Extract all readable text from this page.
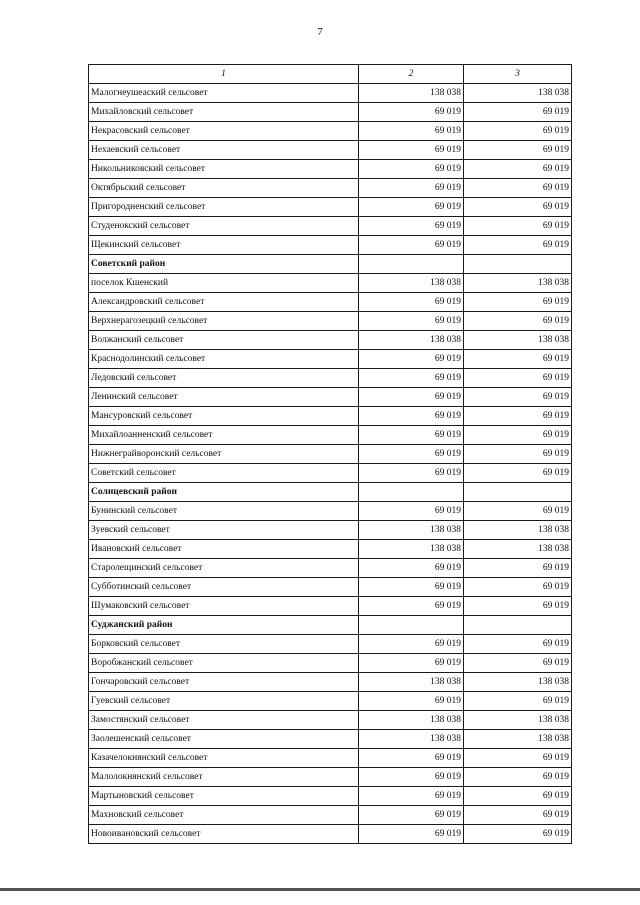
7
1	2	3
Малогнеушеаский сельсовет	138 038	138 038
Михайловский сельсовет	69 019	69 019
Некрасовский сельсовет	69 019	69 019
Нехаевский сельсовет	69 019	69 019
Никольниковский сельсовет	69 019	69 019
Октябрьский сельсовет	69 019	69 019
Пригородненский сельсовет	69 019	69 019
Студенокский сельсовет	69 019	69 019
Щекинский сельсовет	69 019	69 019
Советский район		
поселок Кшенский	138 038	138 038
Александровский сельсовет	69 019	69 019
Верхнерагозецкий сельсовет	69 019	69 019
Волжанский сельсовет	138 038	138 038
Краснодолинский сельсовет	69 019	69 019
Ледовский сельсовет	69 019	69 019
Ленинский сельсовет	69 019	69 019
Мансуровский сельсовет	69 019	69 019
Михайлоанненский сельсовет	69 019	69 019
Нижнеграйворонский сельсовет	69 019	69 019
Советский сельсовет	69 019	69 019
Солнцевский район		
Бунинский сельсовет	69 019	69 019
Зуевский сельсовет	138 038	138 038
Ивановский сельсовет	138 038	138 038
Старолещинский сельсовет	69 019	69 019
Субботинский сельсовет	69 019	69 019
Шумаковский сельсовет	69 019	69 019
Суджанский район		
Борковский сельсовет	69 019	69 019
Воробжанский сельсовет	69 019	69 019
Гончаровский сельсовет	138 038	138 038
Гуевский сельсовет	69 019	69 019
Замостянский сельсовет	138 038	138 038
Заолешенский сельсовет	138 038	138 038
Казачелокнянский сельсовет	69 019	69 019
Малолокнянский сельсовет	69 019	69 019
Мартыновский сельсовет	69 019	69 019
Махновский сельсовет	69 019	69 019
Новоивановский сельсовет	69 019	69 019
